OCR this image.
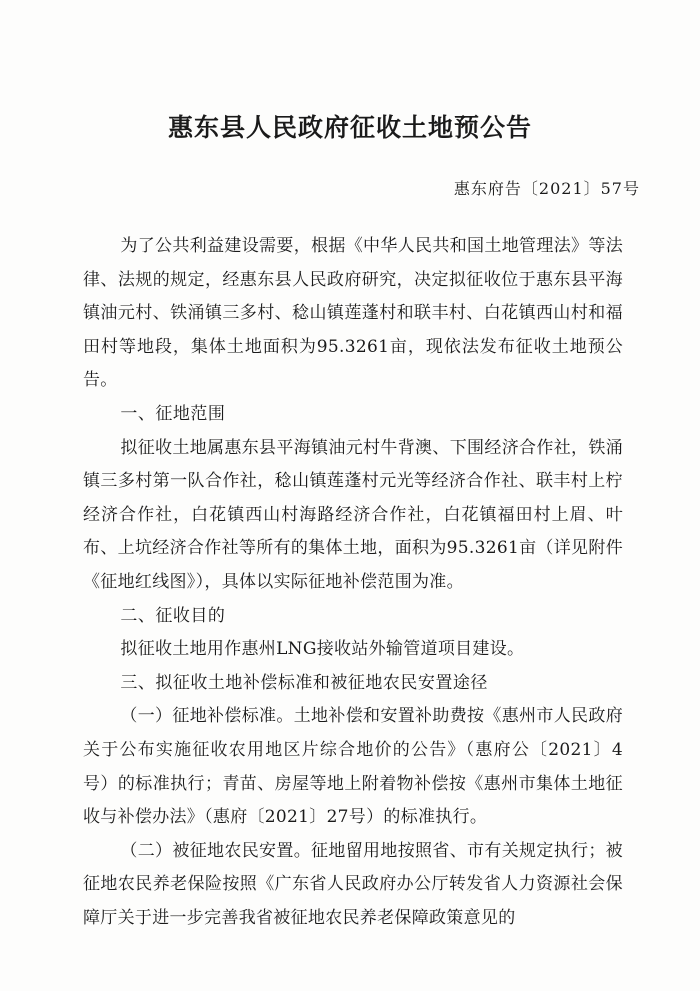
惠东县人民政府征收土地预公告
惠东府告〔2021〕57号

为了公共利益建设需要，根据《中华人民共和国土地管理法》等法律、法规的规定，经惠东县人民政府研究，决定拟征收位于惠东县平海镇油元村、铁涌镇三多村、稔山镇莲蓬村和联丰村、白花镇西山村和福田村等地段，集体土地面积为95.3261亩，现依法发布征收土地预公告。

一、征地范围

拟征收土地属惠东县平海镇油元村牛背澳、下围经济合作社，铁涌镇三多村第一队合作社，稔山镇莲蓬村元光等经济合作社、联丰村上柠经济合作社，白花镇西山村海路经济合作社，白花镇福田村上眉、叶布、上坑经济合作社等所有的集体土地，面积为95.3261亩（详见附件《征地红线图》），具体以实际征地补偿范围为准。

二、征收目的

拟征收土地用作惠州LNG接收站外输管道项目建设。

三、拟征收土地补偿标准和被征地农民安置途径

（一）征地补偿标准。土地补偿和安置补助费按《惠州市人民政府关于公布实施征收农用地区片综合地价的公告》（惠府公〔2021〕4号）的标准执行；青苗、房屋等地上附着物补偿按《惠州市集体土地征收与补偿办法》（惠府〔2021〕27号）的标准执行。

（二）被征地农民安置。征地留用地按照省、市有关规定执行；被征地农民养老保险按照《广东省人民政府办公厅转发省人力资源社会保障厅关于进一步完善我省被征地农民养老保障政策意见的
